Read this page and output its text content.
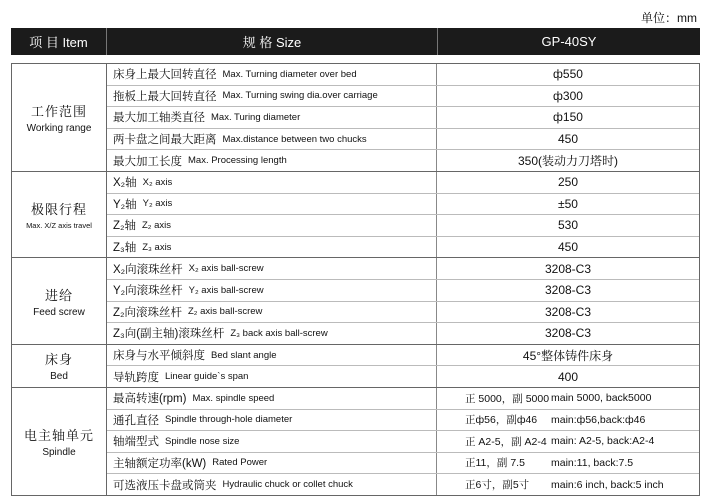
单位：mm
项 目 Item	规 格 Size	GP-40SY
工作范围
Working range
床身上最大回转直径 Max. Turning diameter over bed	ф550
拖板上最大回转直径 Max. Turning swing dia.over carriage	ф300
最大加工轴类直径 Max. Turing diameter	ф150
两卡盘之间最大距离 Max.distance between two chucks	450
最大加工长度 Max. Processing length	350(装动力刀塔时)
极限行程
Max. X/Z axis travel
X₂轴 X₂ axis	250
Y₂轴 Y₂ axis	±50
Z₂轴 Z₂ axis	530
Z₃轴 Z₃ axis	450
进给
Feed screw
X₂向滚珠丝杆 X₂ axis ball-screw	3208-C3
Y₂向滚珠丝杆 Y₂ axis ball-screw	3208-C3
Z₂向滚珠丝杆 Z₂ axis ball-screw	3208-C3
Z₃向(副主轴)滚珠丝杆 Z₃ back axis ball-screw	3208-C3
床身
Bed
床身与水平倾斜度 Bed slant angle	45°整体铸件床身
导轨跨度 Linear guide`s span	400
电主轴单元
Spindle
最高转速(rpm) Max. spindle speed	正 5000，副 5000 main 5000, back5000
通孔直径 Spindle through-hole diameter	正ф56，副ф46	main:ф56,back:ф46
轴端型式 Spindle nose size	正 A2-5，副 A2-4 main: A2-5, back:A2-4
主轴额定功率(kW) Rated Power	正11，副 7.5	main:11, back:7.5
可选液压卡盘或筒夹 Hydraulic chuck or collet chuck	正6寸，副5寸	main:6 inch, back:5 inch
